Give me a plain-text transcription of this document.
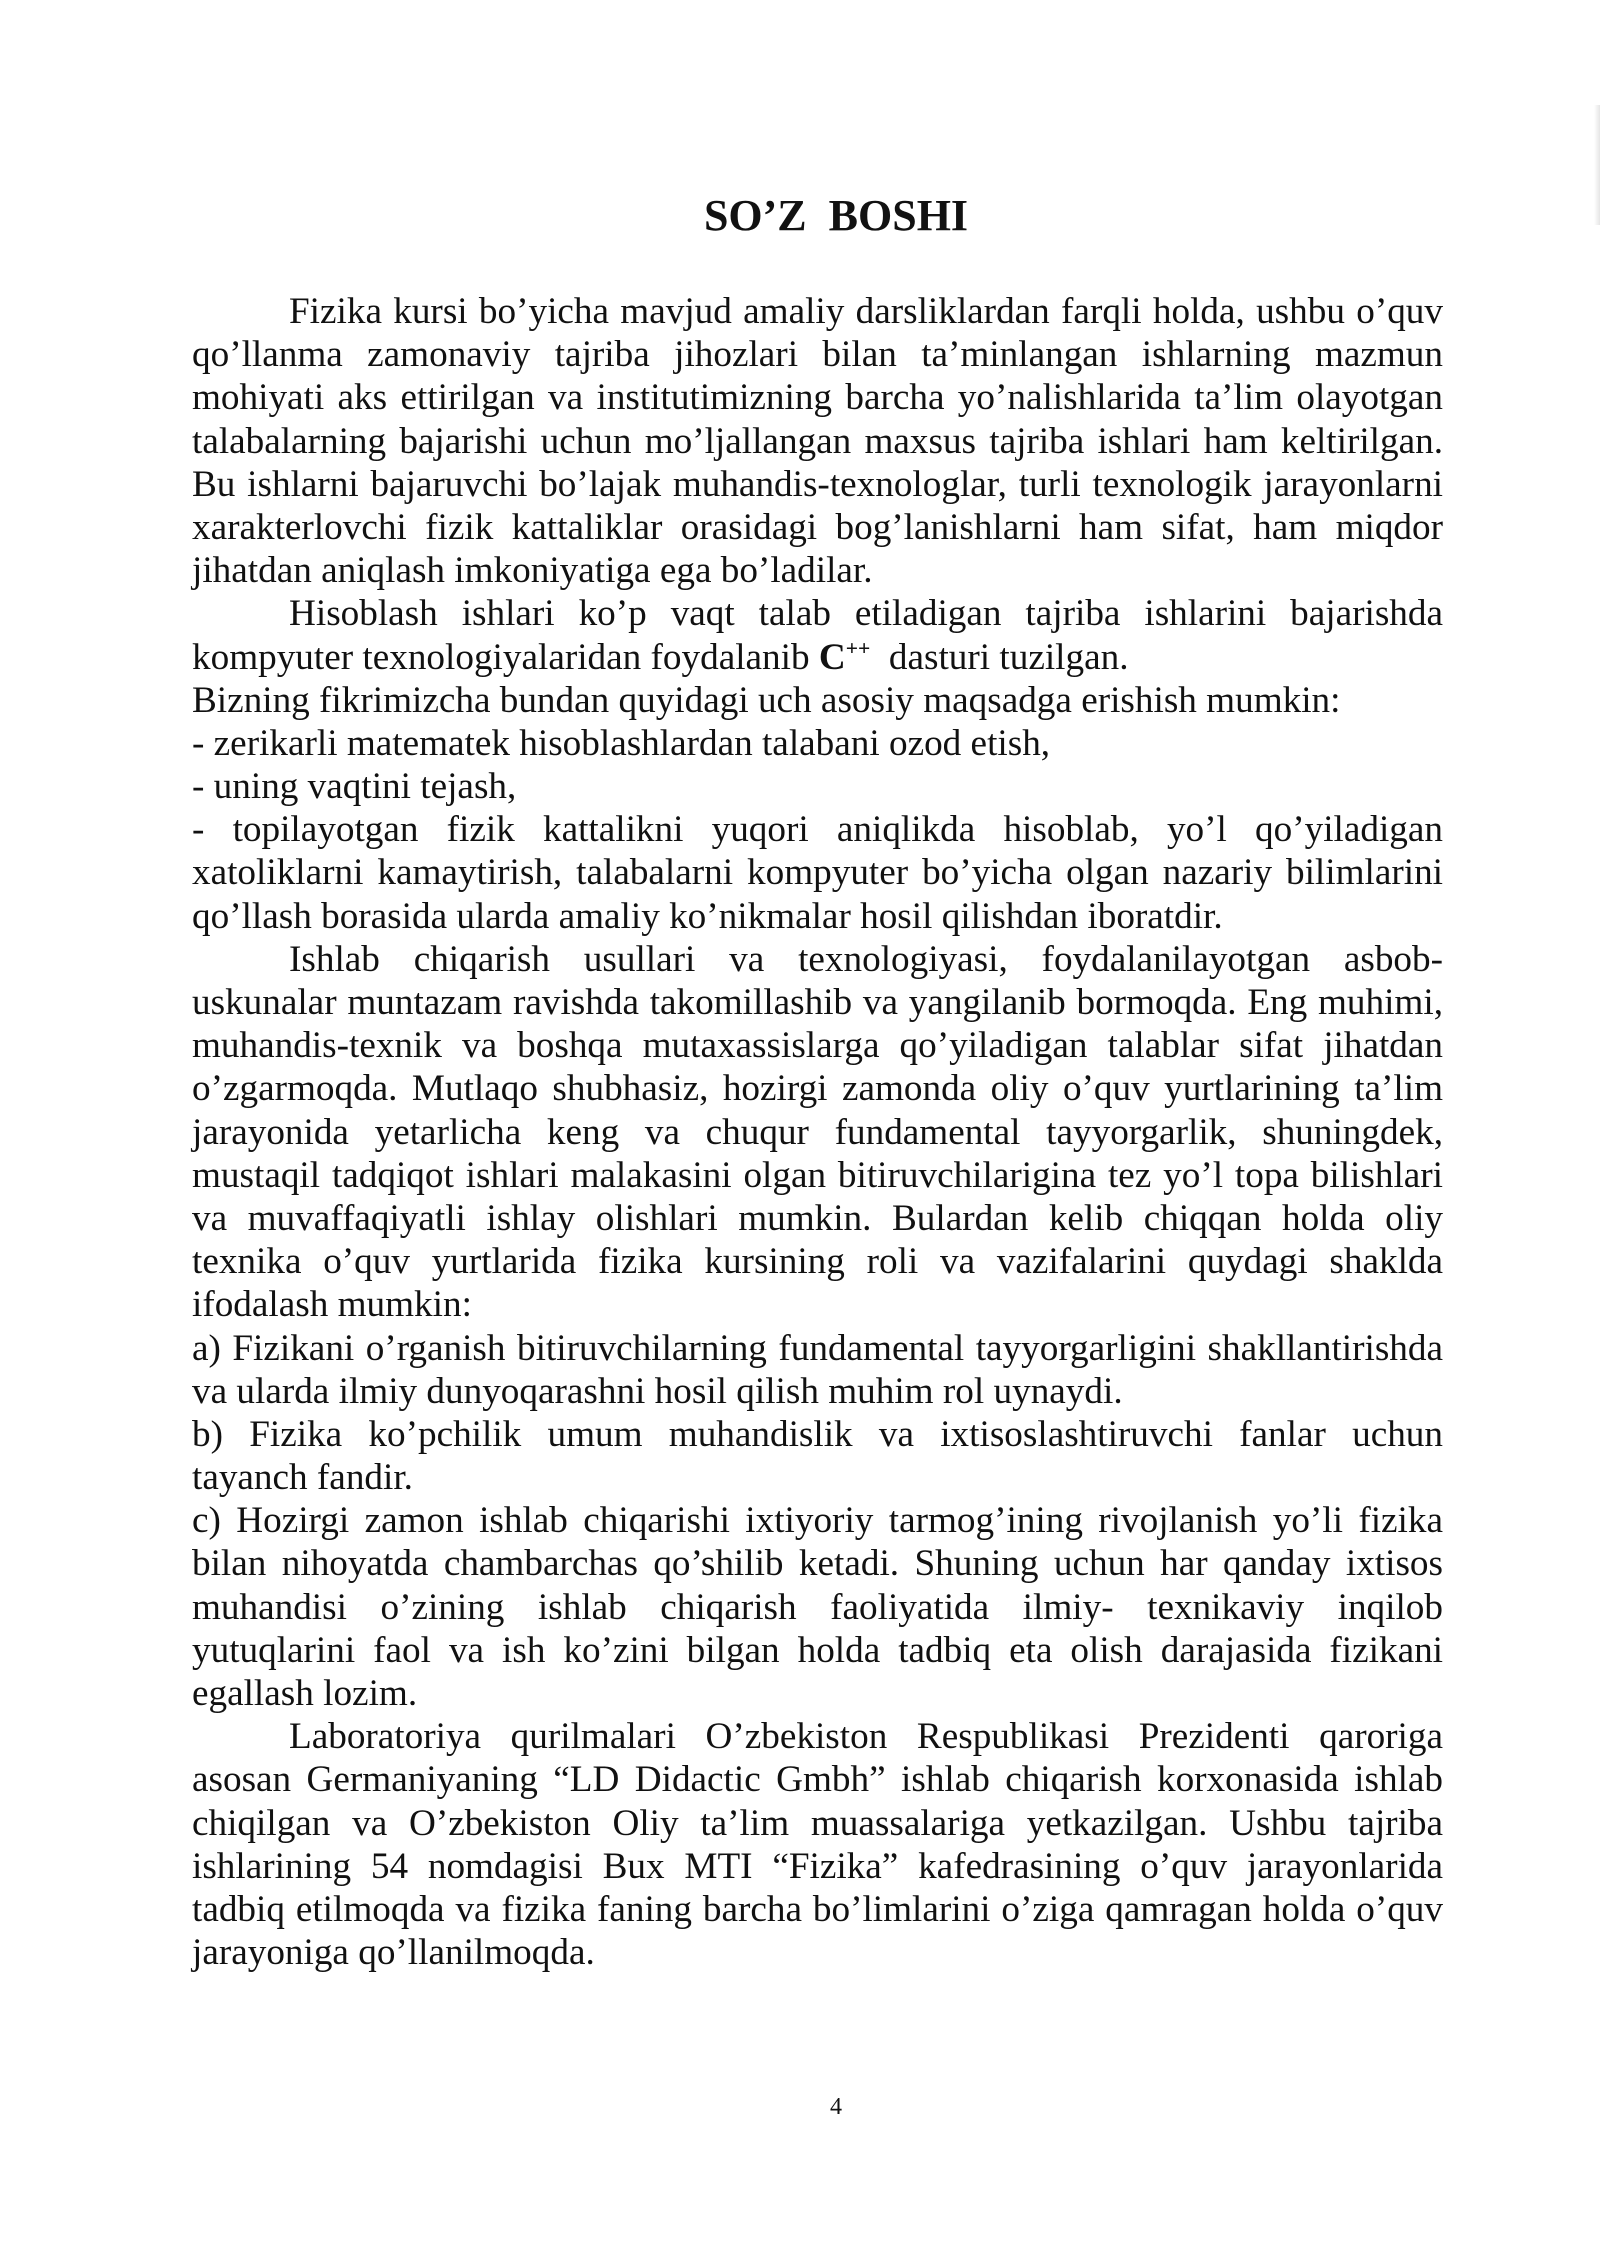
SO’Z  BOSHI
Fizika kursi bo’yicha mavjud amaliy darsliklardan farqli holda, ushbu o’quv
qo’llanma zamonaviy tajriba jihozlari bilan ta’minlangan ishlarning mazmun
mohiyati aks ettirilgan va institutimizning barcha yo’nalishlarida ta’lim olayotgan
talabalarning bajarishi uchun mo’ljallangan maxsus tajriba ishlari ham keltirilgan.
Bu ishlarni bajaruvchi bo’lajak muhandis-texnologlar, turli texnologik jarayonlarni
xarakterlovchi fizik kattaliklar orasidagi bog’lanishlarni ham sifat, ham miqdor
jihatdan aniqlash imkoniyatiga ega bo’ladilar.
Hisoblash ishlari ko’p vaqt talab etiladigan tajriba ishlarini bajarishda
kompyuter texnologiyalaridan foydalanib C++  dasturi tuzilgan.
Bizning fikrimizcha bundan quyidagi uch asosiy maqsadga erishish mumkin:
- zerikarli matematek hisoblashlardan talabani ozod etish,
- uning vaqtini tejash,
- topilayotgan fizik kattalikni yuqori aniqlikda hisoblab, yo’l qo’yiladigan
xatoliklarni kamaytirish, talabalarni kompyuter bo’yicha olgan nazariy bilimlarini
qo’llash borasida ularda amaliy ko’nikmalar hosil qilishdan iboratdir.
Ishlab chiqarish usullari va texnologiyasi, foydalanilayotgan asbob-
uskunalar muntazam ravishda takomillashib va yangilanib bormoqda. Eng muhimi,
muhandis-texnik va boshqa mutaxassislarga qo’yiladigan talablar sifat jihatdan
o’zgarmoqda. Mutlaqo shubhasiz, hozirgi zamonda oliy o’quv yurtlarining ta’lim
jarayonida yetarlicha keng va chuqur fundamental tayyorgarlik, shuningdek,
mustaqil tadqiqot ishlari malakasini olgan bitiruvchilarigina tez yo’l topa bilishlari
va muvaffaqiyatli ishlay olishlari mumkin. Bulardan kelib chiqqan holda oliy
texnika o’quv yurtlarida fizika kursining roli va vazifalarini quydagi shaklda
ifodalash mumkin:
a) Fizikani o’rganish bitiruvchilarning fundamental tayyorgarligini shakllantirishda
va ularda ilmiy dunyoqarashni hosil qilish muhim rol uynaydi.
b) Fizika ko’pchilik umum muhandislik va ixtisoslashtiruvchi fanlar uchun
tayanch fandir.
c) Hozirgi zamon ishlab chiqarishi ixtiyoriy tarmog’ining rivojlanish yo’li fizika
bilan nihoyatda chambarchas qo’shilib ketadi. Shuning uchun har qanday ixtisos
muhandisi o’zining ishlab chiqarish faoliyatida ilmiy- texnikaviy inqilob
yutuqlarini faol va ish ko’zini bilgan holda tadbiq eta olish darajasida fizikani
egallash lozim.
Laboratoriya qurilmalari O’zbekiston Respublikasi Prezidenti qaroriga
asosan Germaniyaning “LD Didactic Gmbh” ishlab chiqarish korxonasida ishlab
chiqilgan va O’zbekiston Oliy ta’lim muassalariga yetkazilgan. Ushbu tajriba
ishlarining 54 nomdagisi Bux MTI “Fizika” kafedrasining o’quv jarayonlarida
tadbiq etilmoqda va fizika faning barcha bo’limlarini o’ziga qamragan holda o’quv
jarayoniga qo’llanilmoqda.
4
